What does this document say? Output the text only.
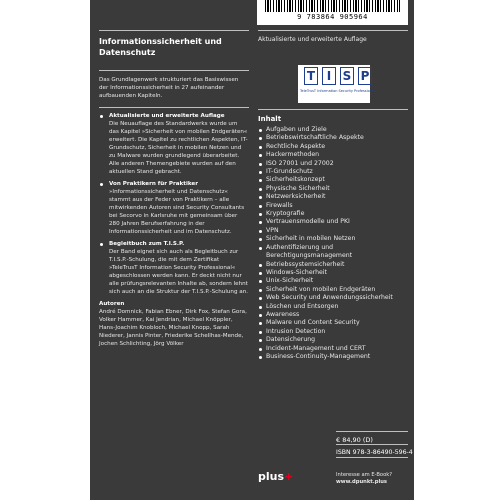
9 783864 905964
Informationssicherheit und Datenschutz
Aktualisierte und erweiterte Auflage
T I S P
TeleTrusT Information Security Professional
Das Grundlagenwerk strukturiert das Basiswissen der Informationssicherheit in 27 aufeinander aufbauenden Kapiteln.
Aktualisierte und erweiterte Auflage
Die Neuauflage des Standardwerks wurde um das Kapitel »Sicherheit von mobilen Endgeräten« erweitert. Die Kapitel zu rechtlichen Aspekten, IT-Grundschutz, Sicherheit in mobilen Netzen und zu Malware wurden grundlegend überarbeitet. Alle anderen Themengebiete wurden auf den aktuellen Stand gebracht.
Von Praktikern für Praktiker
»Informationssicherheit und Datenschutz« stammt aus der Feder von Praktikern – alle mitwirkenden Autoren sind Security Consultants bei Secorvo in Karlsruhe mit gemeinsam über 280 Jahren Berufserfahrung in der Informationssicherheit und im Datenschutz.
Begleitbuch zum T.I.S.P.
Der Band eignet sich auch als Begleitbuch zur T.I.S.P.-Schulung, die mit dem Zertifikat »TeleTrusT Information Security Professional« abgeschlossen werden kann. Er deckt nicht nur alle prüfungsrelevanten Inhalte ab, sondern lehnt sich auch an die Struktur der T.I.S.P.-Schulung an.
Autoren
André Domnick, Fabian Ebner, Dirk Fox, Stefan Gora, Volker Hammer, Kai Jendrian, Michael Knöppler, Hans-Joachim Knobloch, Michael Knopp, Sarah Niederer, Jannis Pinter, Friederike Schellhas-Mende, Jochen Schlichting, Jörg Völker
Inhalt
Aufgaben und Ziele
Betriebswirtschaftliche Aspekte
Rechtliche Aspekte
Hackermethoden
ISO 27001 und 27002
IT-Grundschutz
Sicherheitskonzept
Physische Sicherheit
Netzwerksicherheit
Firewalls
Kryptografie
Vertrauensmodelle und PKI
VPN
Sicherheit in mobilen Netzen
Authentifizierung und Berechtigungsmanagement
Betriebssystemsicherheit
Windows-Sicherheit
Unix-Sicherheit
Sicherheit von mobilen Endgeräten
Web Security und Anwendungssicherheit
Löschen und Entsorgen
Awareness
Malware und Content Security
Intrusion Detection
Datensicherung
Incident-Management und CERT
Business-Continuity-Management
€ 84,90 (D)
ISBN 978-3-86490-596-4
plus+	Interesse am E-Book?
www.dpunkt.plus
